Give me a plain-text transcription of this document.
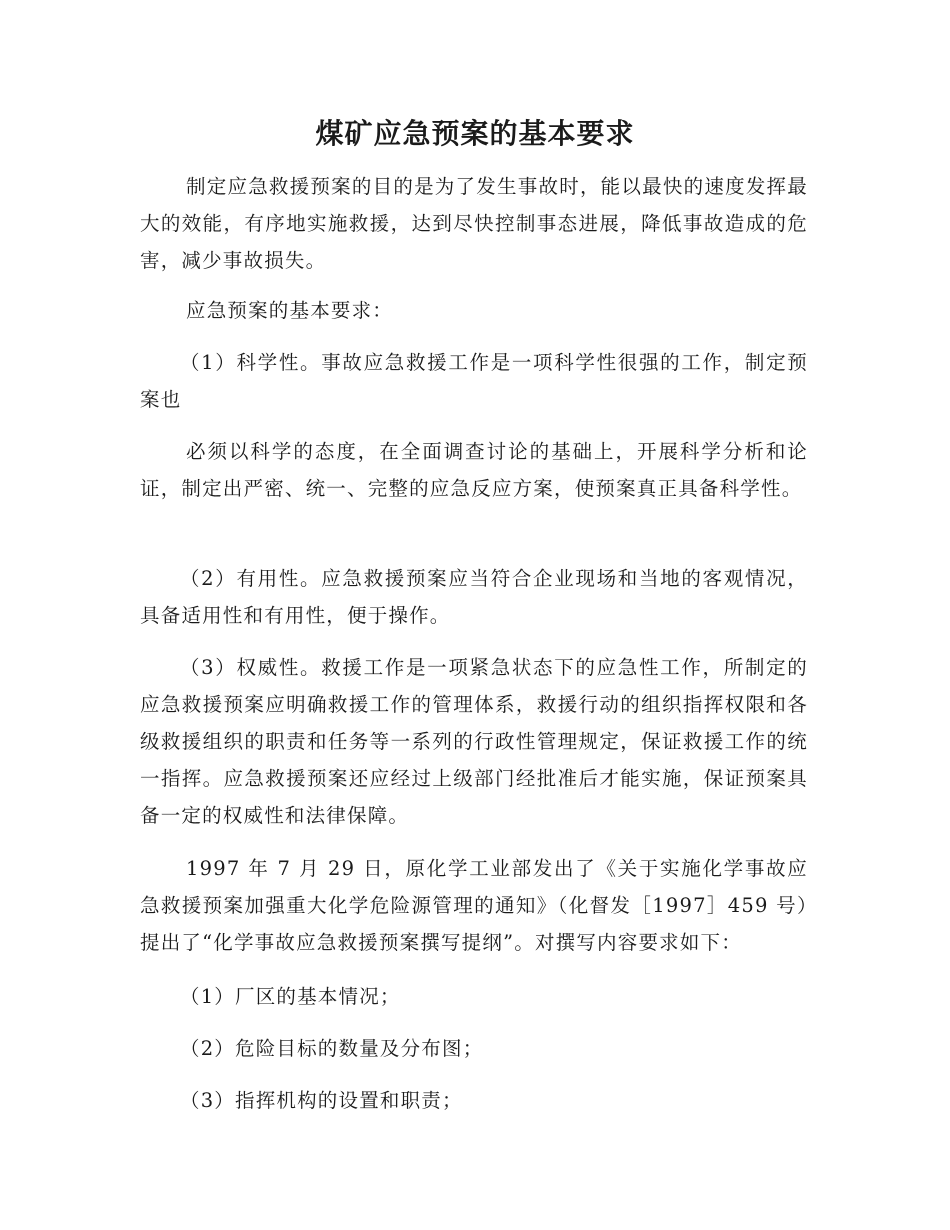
煤矿应急预案的基本要求

制定应急救援预案的目的是为了发生事故时，能以最快的速度发挥最大的效能，有序地实施救援，达到尽快控制事态进展，降低事故造成的危害，减少事故损失。

应急预案的基本要求：

（1）科学性。事故应急救援工作是一项科学性很强的工作，制定预案也

必须以科学的态度，在全面调查讨论的基础上，开展科学分析和论证，制定出严密、统一、完整的应急反应方案，使预案真正具备科学性。

（2）有用性。应急救援预案应当符合企业现场和当地的客观情况，具备适用性和有用性，便于操作。

（3）权威性。救援工作是一项紧急状态下的应急性工作，所制定的应急救援预案应明确救援工作的管理体系，救援行动的组织指挥权限和各级救援组织的职责和任务等一系列的行政性管理规定，保证救援工作的统一指挥。应急救援预案还应经过上级部门经批准后才能实施，保证预案具备一定的权威性和法律保障。

1997 年 7 月 29 日，原化学工业部发出了《关于实施化学事故应急救援预案加强重大化学危险源管理的通知》（化督发［1997］459 号）提出了“化学事故应急救援预案撰写提纲”。对撰写内容要求如下：

（1）厂区的基本情况；

（2）危险目标的数量及分布图；

（3）指挥机构的设置和职责；
